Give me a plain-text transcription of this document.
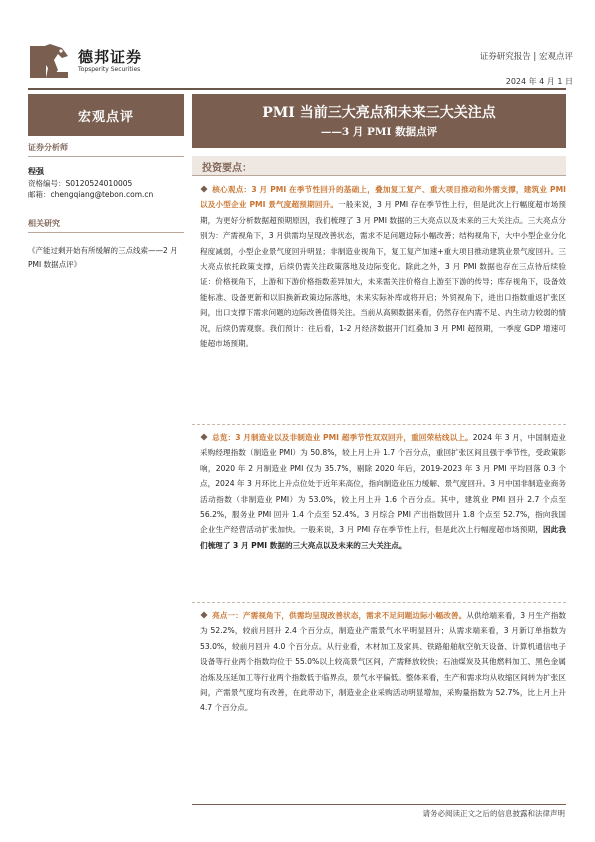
德邦证券
Topsperity Securities
证券研究报告 | 宏观点评
2024 年 4 月 1 日
宏观点评
证券分析师
程强
资格编号：S0120524010005
邮箱：chengqiang@tebon.com.cn
相关研究
《产能过剩开始有所缓解的三点线索——2 月 PMI 数据点评》
PMI 当前三大亮点和未来三大关注点
——3 月 PMI 数据点评
投资要点：
核心观点：3 月 PMI 在季节性回升的基础上，叠加复工复产、重大项目推动和外需支撑，建筑业 PMI 以及小型企业 PMI 景气度超预期回升。一般来说，3 月 PMI 存在季节性上行，但是此次上行幅度超市场预期，为更好分析数据超预期原因，我们梳理了 3 月 PMI 数据的三大亮点以及未来的三大关注点。三大亮点分别为：产需视角下，3 月供需均呈现改善状态，需求不足问题边际小幅改善；结构视角下，大中小型企业分化程度减弱，小型企业景气度回升明显；非制造业视角下，复工复产加速+重大项目推动建筑业景气度回升。三大亮点依托政策支撑，后续仍需关注政策落地及边际变化。除此之外，3 月 PMI 数据也存在三点待后续验证：价格视角下，上游和下游价格指数差异加大，未来需关注价格自上游至下游的传导；库存视角下，设备效能标准、设备更新和以旧换新政策边际落地，未来实际补库或将开启；外贸视角下，进出口指数重返扩张区间，出口支撑下需求问题的边际改善值得关注。当前从高频数据来看，仍然存在内需不足、内生动力较弱的情况，后续仍需观察。我们预计：往后看，1-2 月经济数据开门红叠加 3 月 PMI 超预期，一季度 GDP 增速可能超市场预期。
总览：3 月制造业以及非制造业 PMI 超季节性双双回升，重回荣枯线以上。2024 年 3 月，中国制造业采购经理指数（制造业 PMI）为 50.8%，较上月上升 1.7 个百分点，重回扩张区间且强于季节性，受政策影响，2020 年 2 月制造业 PMI 仅为 35.7%，剔除 2020 年后，2019-2023 年 3 月 PMI 平均回落 0.3 个点，2024 年 3 月环比上升点位处于近年来高位，指向制造业压力缓解、景气度回升。3 月中国非制造业商务活动指数（非制造业 PMI）为 53.0%，较上月上升 1.6 个百分点。其中，建筑业 PMI 回升 2.7 个点至 56.2%，服务业 PMI 回升 1.4 个点至 52.4%。3 月综合 PMI 产出指数回升 1.8 个点至 52.7%，指向我国企业生产经营活动扩张加快。一般来说，3 月 PMI 存在季节性上行，但是此次上行幅度超市场预期，因此我们梳理了 3 月 PMI 数据的三大亮点以及未来的三大关注点。
亮点一：产需视角下，供需均呈现改善状态，需求不足问题边际小幅改善。从供给端来看，3 月生产指数为 52.2%，较前月回升 2.4 个百分点，制造业产需景气水平明显回升；从需求端来看，3 月新订单指数为 53.0%，较前月回升 4.0 个百分点。从行业看，木材加工及家具、铁路船舶航空航天设备、计算机通信电子设备等行业两个指数均位于 55.0%以上较高景气区间，产需释放较快；石油煤炭及其他燃料加工、黑色金属冶炼及压延加工等行业两个指数低于临界点，景气水平偏低。整体来看，生产和需求均从收缩区间转为扩张区间，产需景气度均有改善，在此带动下，制造业企业采购活动明显增加，采购量指数为 52.7%，比上月上升 4.7 个百分点。
请务必阅读正文之后的信息披露和法律声明
